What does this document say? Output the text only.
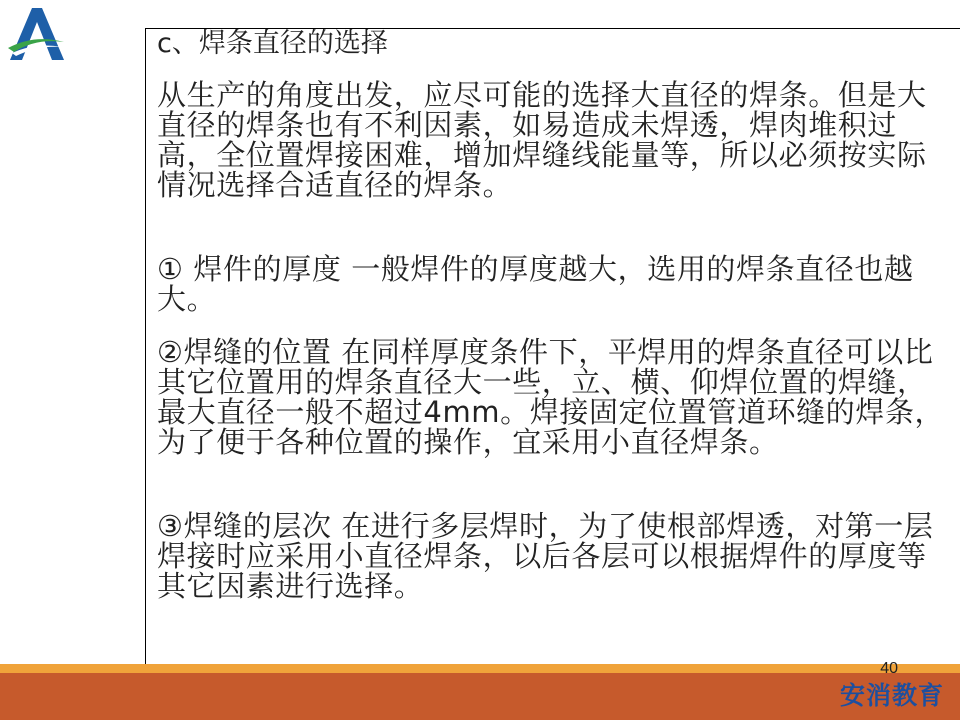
c、焊条直径的选择
从生产的角度出发，应尽可能的选择大直径的焊条。但是大直径的焊条也有不利因素，如易造成未焊透，焊肉堆积过高，全位置焊接困难，增加焊缝线能量等，所以必须按实际情况选择合适直径的焊条。
① 焊件的厚度 一般焊件的厚度越大，选用的焊条直径也越大。
②焊缝的位置 在同样厚度条件下，平焊用的焊条直径可以比其它位置用的焊条直径大一些，立、横、仰焊位置的焊缝，最大直径一般不超过4mm。焊接固定位置管道环缝的焊条，为了便于各种位置的操作，宜采用小直径焊条。
③焊缝的层次 在进行多层焊时，为了使根部焊透，对第一层焊接时应采用小直径焊条，以后各层可以根据焊件的厚度等其它因素进行选择。
40
安消教育
